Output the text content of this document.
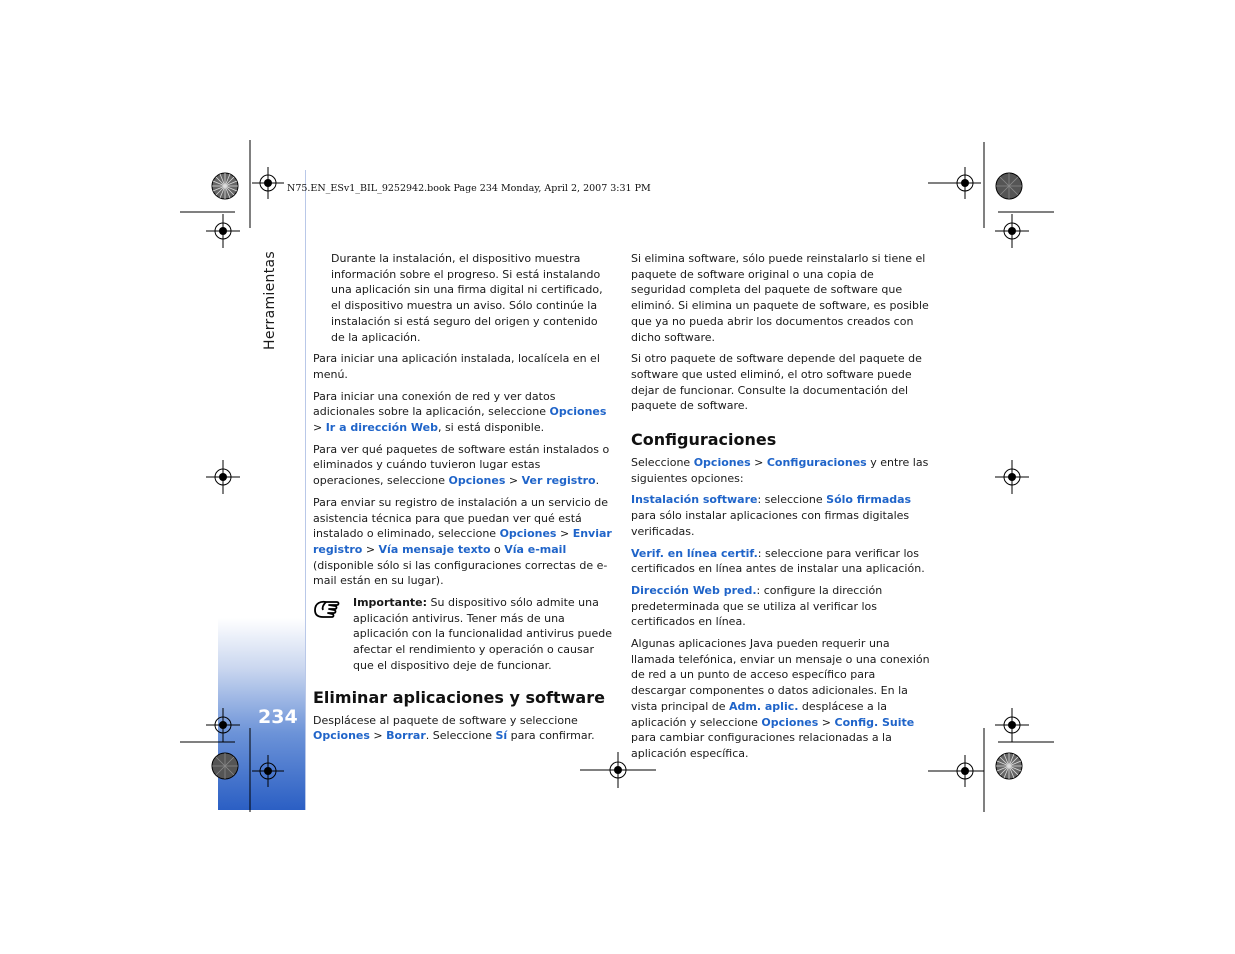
Herramientas
234
N75.EN_ESv1_BIL_9252942.book Page 234 Monday, April 2, 2007 3:31 PM

Durante la instalación, el dispositivo muestra información sobre el progreso. Si está instalando una aplicación sin una firma digital ni certificado, el dispositivo muestra un aviso. Sólo continúe la instalación si está seguro del origen y contenido de la aplicación.

Para iniciar una aplicación instalada, localícela en el menú.

Para iniciar una conexión de red y ver datos adicionales sobre la aplicación, seleccione Opciones > Ir a dirección Web, si está disponible.

Para ver qué paquetes de software están instalados o eliminados y cuándo tuvieron lugar estas operaciones, seleccione Opciones > Ver registro.

Para enviar su registro de instalación a un servicio de asistencia técnica para que puedan ver qué está instalado o eliminado, seleccione Opciones > Enviar registro > Vía mensaje texto o Vía e-mail (disponible sólo si las configuraciones correctas de e-mail están en su lugar).

Importante: Su dispositivo sólo admite una aplicación antivirus. Tener más de una aplicación con la funcionalidad antivirus puede afectar el rendimiento y operación o causar que el dispositivo deje de funcionar.
Eliminar aplicaciones y software

Desplácese al paquete de software y seleccione Opciones > Borrar. Seleccione Sí para confirmar.

Si elimina software, sólo puede reinstalarlo si tiene el paquete de software original o una copia de seguridad completa del paquete de software que eliminó. Si elimina un paquete de software, es posible que ya no pueda abrir los documentos creados con dicho software.

Si otro paquete de software depende del paquete de software que usted eliminó, el otro software puede dejar de funcionar. Consulte la documentación del paquete de software.

Configuraciones

Seleccione Opciones > Configuraciones y entre las siguientes opciones:

Instalación software: seleccione Sólo firmadas para sólo instalar aplicaciones con firmas digitales verificadas.

Verif. en línea certif.: seleccione para verificar los certificados en línea antes de instalar una aplicación.

Dirección Web pred.: configure la dirección predeterminada que se utiliza al verificar los certificados en línea.

Algunas aplicaciones Java pueden requerir una llamada telefónica, enviar un mensaje o una conexión de red a un punto de acceso específico para descargar componentes o datos adicionales. En la vista principal de Adm. aplic. desplácese a la aplicación y seleccione Opciones > Config. Suite para cambiar configuraciones relacionadas a la aplicación específica.
